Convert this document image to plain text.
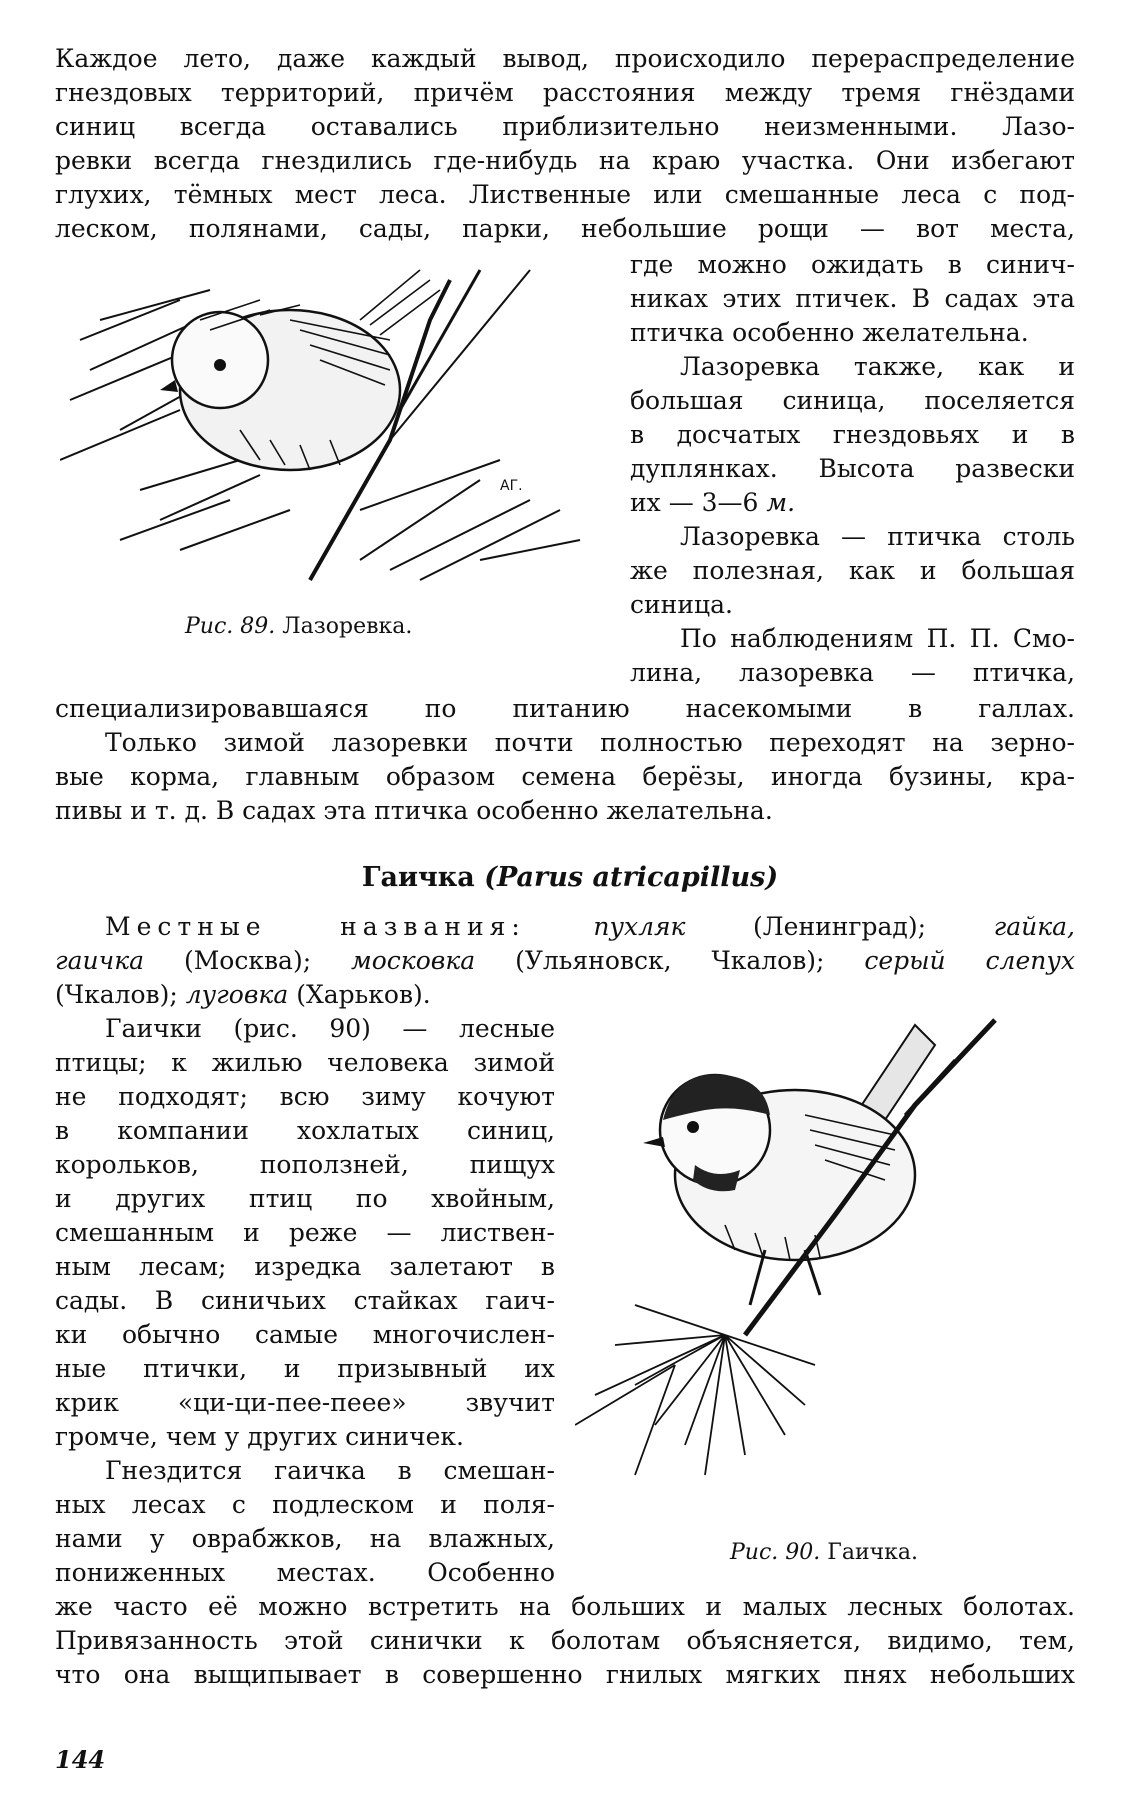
Каждое лето, даже каждый вывод, происходило перераспределение
гнездовых территорий, причём расстояния между тремя гнёздами
синиц всегда оставались приблизительно неизменными. Лазо-
ревки всегда гнездились где-нибудь на краю участка. Они избегают
глухих, тёмных мест леса. Лиственные или смешанные леса с под-
леском, полянами, сады, парки, небольшие рощи — вот места,
АГ.
Рис. 89. Лазоревка.
где можно ожидать в синич-
никах этих птичек. В садах эта
птичка особенно желательна.
Лазоревка также, как и
большая синица, поселяется
в досчатых гнездовьях и в
дуплянках. Высота развески
их — 3—6 м.
Лазоревка — птичка столь
же полезная, как и большая
синица.
По наблюдениям П. П. Смо-
лина, лазоревка — птичка,
специализировавшаяся по питанию насекомыми в галлах.
Только зимой лазоревки почти полностью переходят на зерно-
вые корма, главным образом семена берёзы, иногда бузины, кра-
пивы и т. д. В садах эта птичка особенно желательна.
Гаичка (Parus atricapillus)
Местные названия:	пухляк	(Ленинград);	гайка,
гаичка (Москва); московка (Ульяновск, Чкалов); серый слепух
(Чкалов); луговка (Харьков).
Гаички (рис. 90) — лесные
птицы; к жилью человека зимой
не подходят; всю зиму кочуют
в компании хохлатых синиц,
корольков, поползней, пищух
и других птиц по хвойным,
смешанным и реже — листвен-
ным лесам; изредка залетают в
сады. В синичьих стайках гаич-
ки обычно самые многочислен-
ные птички, и призывный их
крик «ци-ци-пее-пеее» звучит
громче, чем у других синичек.
Гнездится гаичка в смешан-
ных лесах с подлеском и поля-
нами у оврабжков, на влажных,
пониженных местах. Особенно
Рис. 90. Гаичка.
же часто её можно встретить на больших и малых лесных болотах.
Привязанность этой синички к болотам объясняется, видимо, тем,
что она выщипывает в совершенно гнилых мягких пнях небольших
144
